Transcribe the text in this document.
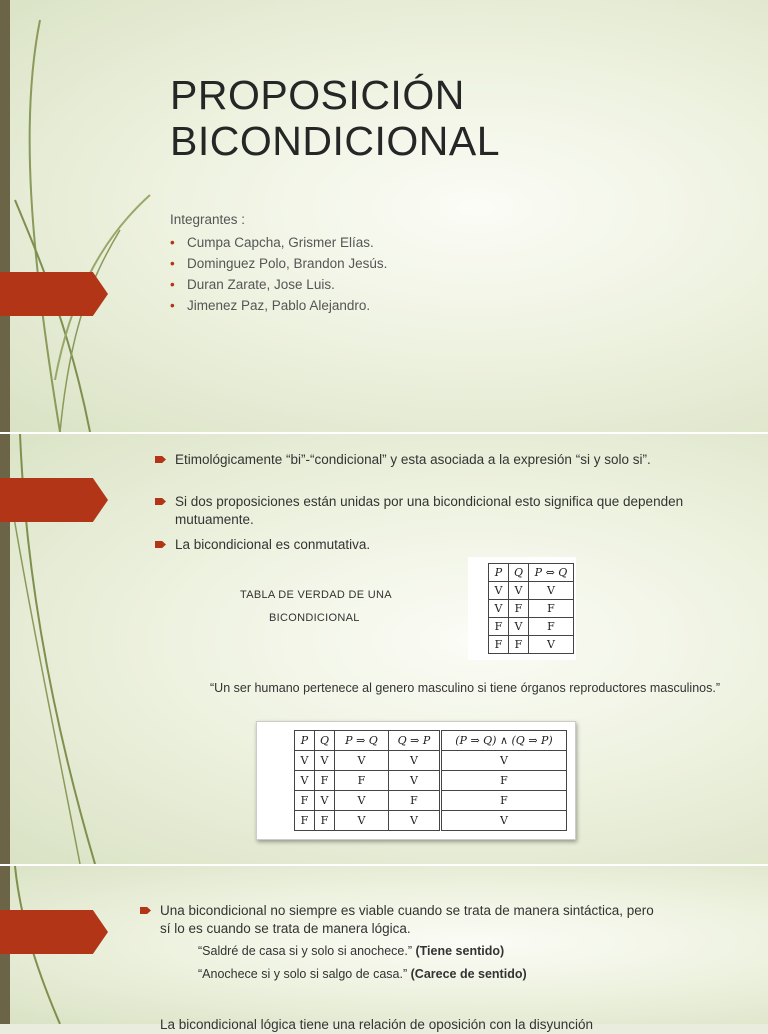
PROPOSICIÓN
BICONDICIONAL
Integrantes :
• Cumpa Capcha, Grismer Elías.
• Dominguez Polo, Brandon Jesús.
• Duran Zarate, Jose Luis.
• Jimenez Paz, Pablo Alejandro.
Etimológicamente “bi”-“condicional” y esta asociada a la expresión “si y solo si”.
Si dos proposiciones están unidas por una bicondicional esto significa que dependen mutuamente.
La bicondicional es conmutativa.
TABLA DE VERDAD DE UNA
BICONDICIONAL
P	Q	P ⇔ Q
V	V	V
V	F	F
F	V	F
F	F	V
“Un ser humano pertenece al genero masculino si tiene órganos reproductores masculinos.”
P	Q	P ⇒ Q	Q ⇒ P	(P ⇒ Q) ∧ (Q ⇒ P)
V	V	V	V	V
V	F	F	V	F
F	V	V	F	F
F	F	V	V	V
Una bicondicional no siempre es viable cuando se trata de manera sintáctica, pero sí lo es cuando se trata de manera lógica.
“Saldré de casa si y solo si anochece.” (Tiene sentido)
“Anochece si y solo si salgo de casa.” (Carece de sentido)
La bicondicional lógica tiene una relación de oposición con la disyunción
